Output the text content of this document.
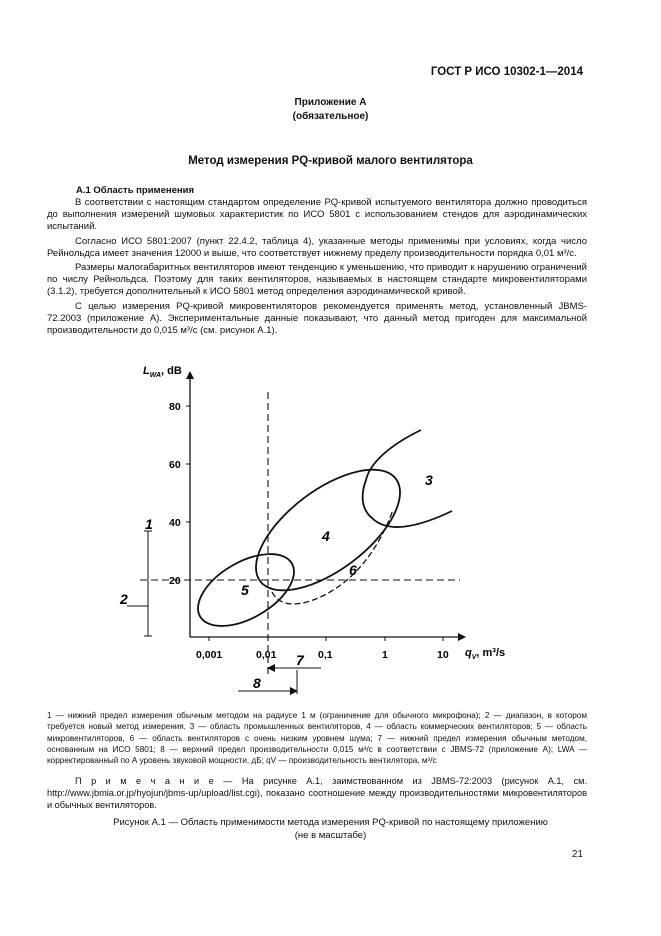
ГОСТ Р ИСО 10302-1—2014
Приложение А
(обязательное)
Метод измерения PQ-кривой малого вентилятора
А.1 Область применения

В соответствии с настоящим стандартом определение PQ-кривой испытуемого вентилятора должно проводиться до выполнения измерений шумовых характеристик по ИСО 5801 с использованием стендов для аэродинамических испытаний.

Согласно ИСО 5801:2007 (пункт 22.4.2, таблица 4), указанные методы применимы при условиях, когда число Рейнольдса имеет значения 12000 и выше, что соответствует нижнему пределу производительности порядка 0,01 м³/с.

Размеры малогабаритных вентиляторов имеют тенденцию к уменьшению, что приводит к нарушению ограничений по числу Рейнольдса. Поэтому для таких вентиляторов, называемых в настоящем стандарте микровентиляторами (3.1.2), требуется дополнительный к ИСО 5801 метод определения аэродинамической кривой.

С целью измерения PQ-кривой микровентиляторов рекомендуется применять метод, установленный JBMS-72.2003 (приложение А). Экспериментальные данные показывают, что данный метод пригоден для максимальной производительности до 0,015 м³/с (см. рисунок А.1).

$L_{WA}$, dB
$q_V$, m³/s
80
60
40
20
0,001	0,01	0,1	1	10
3
4
5
6
1
2
7
8
1 — нижний предел измерения обычным методом на радиусе 1 м (ограничение для обычного микрофона); 2 — диапазон, в котором требуется новый метод измерения, 3 — область промышленных вентиляторов, 4 — область коммерческих вентиляторов; 5 — область микровентиляторов, 6 — область вентиляторов с очень низким уровнем шума; 7 — нижний предел измерения обычным методом, основанным на ИСО 5801; 8 — верхний предел производительности 0,015 м³/с в соответствии с JBMS-72 (приложение А); LWA — корректированный по А уровень звуковой мощности, дБ; qV — производительность вентилятора, м³/с
П р и м е ч а н и е — На рисунке А.1, заимствованном из JBMS-72:2003 (рисунок А.1, см. http://www.jbmia.or.jp/hyojun/jbms-up/upload/list.cgi), показано соотношение между производительностями микровентиляторов и обычных вентиляторов.
Рисунок А.1 — Область применимости метода измерения PQ-кривой по настоящему приложению
(не в масштабе)
21
